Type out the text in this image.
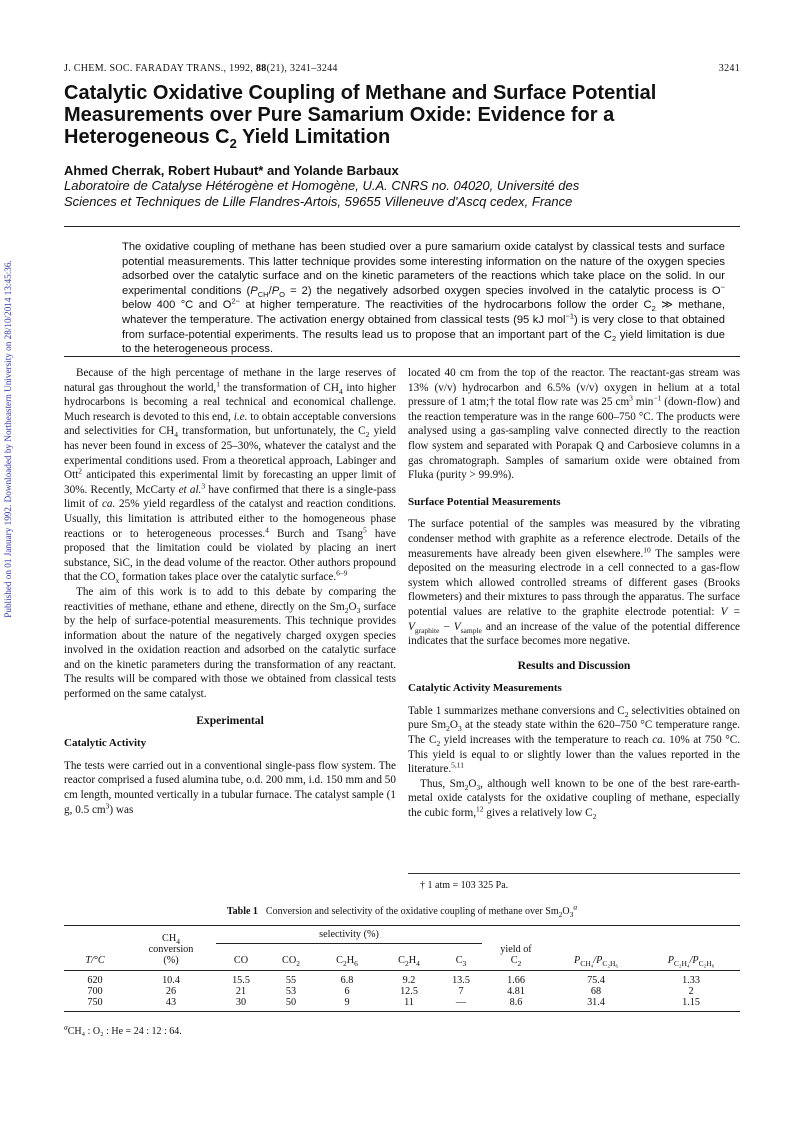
Published on 01 January 1992. Downloaded by Northeastern University on 28/10/2014 13:45:36.
J. CHEM. SOC. FARADAY TRANS., 1992, 88(21), 3241–3244	3241
Catalytic Oxidative Coupling of Methane and Surface Potential
Measurements over Pure Samarium Oxide: Evidence for a
Heterogeneous $C_2$ Yield Limitation
Ahmed Cherrak, Robert Hubaut* and Yolande Barbaux
Laboratoire de Catalyse Hétérogène et Homogène, U.A. CNRS no. 04020, Université des
Sciences et Techniques de Lille Flandres-Artois, 59655 Villeneuve d'Ascq cedex, France
The oxidative coupling of methane has been studied over a pure samarium oxide catalyst by classical tests and surface potential measurements. This latter technique provides some interesting information on the nature of the oxygen species adsorbed over the catalytic surface and on the kinetic parameters of the reactions which take place on the solid. In our experimental conditions $(P_{CH}/P_O = 2)$ the negatively adsorbed oxygen species involved in the catalytic process is O− below 400 °C and $O^{2-}$ at higher temperature. The reactivities of the hydrocarbons follow the order $C_2$ ≫ methane, whatever the temperature. The activation energy obtained from classical tests (95 kJ mol$^{-1}$) is very close to that obtained from surface-potential experiments. The results lead us to propose that an important part of the $C_2$ yield limitation is due to the heterogeneous process.

Because of the high percentage of methane in the large reserves of natural gas throughout the world,$^1$ the transformation of $CH_4$ into higher hydrocarbons is becoming a real technical and economical challenge. Much research is devoted to this end, i.e. to obtain acceptable conversions and selectivities for $CH_4$ transformation, but unfortunately, the $C_2$ yield has never been found in excess of 25–30%, whatever the catalyst and the experimental conditions used. From a theoretical approach, Labinger and Ott$^2$ anticipated this experimental limit by forecasting an upper limit of 30%. Recently, McCarty et al.$^3$ have confirmed that there is a single-pass limit of ca. 25% yield regardless of the catalyst and reaction conditions. Usually, this limitation is attributed either to the homogeneous phase reactions or to heterogeneous processes.$^4$ Burch and Tsang$^5$ have proposed that the limitation could be violated by placing an inert substance, SiC, in the dead volume of the reactor. Other authors propound that the $CO_x$ formation takes place over the catalytic surface.$^{6-9}$

The aim of this work is to add to this debate by comparing the reactivities of methane, ethane and ethene, directly on the $Sm_2O_3$ surface by the help of surface-potential measurements. This technique provides information about the nature of the negatively charged oxygen species involved in the oxidation reaction and adsorbed on the catalytic surface and on the kinetic parameters during the transformation of any reactant. The results will be compared with those we obtained from classical tests performed on the same catalyst.

Experimental
Catalytic Activity

The tests were carried out in a conventional single-pass flow system. The reactor comprised a fused alumina tube, o.d. 200 mm, i.d. 150 mm and 50 cm length, mounted vertically in a tubular furnace. The catalyst sample (1 g, 0.5 $cm^3$) was

located 40 cm from the top of the reactor. The reactant-gas stream was 13% (v/v) hydrocarbon and 6.5% (v/v) oxygen in helium at a total pressure of 1 atm;† the total flow rate was 25 $cm^3$ $\min^{-1}$ (down-flow) and the reaction temperature was in the range 600–750 °C. The products were analysed using a gas-sampling valve connected directly to the reaction flow system and separated with Porapak Q and Carbosieve columns in a gas chromatograph. Samples of samarium oxide were obtained from Fluka (purity > 99.9%).

Surface Potential Measurements

The surface potential of the samples was measured by the vibrating condenser method with graphite as a reference electrode. Details of the measurements have already been given elsewhere.$^{10}$ The samples were deposited on the measuring electrode in a cell connected to a gas-flow system which allowed controlled streams of different gases (Brooks flowmeters) and their mixtures to pass through the apparatus. The surface potential values are relative to the graphite electrode potential: $V = V_{graphite} - V_{sample}$ and an increase of the value of the potential difference indicates that the surface becomes more negative.

Results and Discussion
Catalytic Activity Measurements

Table 1 summarizes methane conversions and $C_2$ selectivities obtained on pure $Sm_2O_3$ at the steady state within the 620–750 °C temperature range. The $C_2$ yield increases with the temperature to reach ca. 10% at 750 °C. This yield is equal to or slightly lower than the values reported in the literature.$^{5,11}$

Thus, $Sm_2O_3$, although well known to be one of the best rare-earth-metal oxide catalysts for the oxidative coupling of methane, especially the cubic form,$^{12}$ gives a relatively low $C_2$

† 1 atm = 103 325 Pa.
Table 1 Conversion and selectivity of the oxidative coupling of methane over $Sm_2O_3^a$
	$CH_4$	selectivity (%)							
	conversion						yield of		
T/°C	(%)	CO	$CO_2$	$C_2H_6$	$C_2H_4$	$C_3$	$C_2$	$P_{CH_4}/P_{C_2H_6}$	$P_{C_2H_4}/P_{C_2H_6}$
620	10.4	15.5	55	6.8	9.2	13.5	1.66	75.4	1.33
700	26	21	53	6	12.5	7	4.81	68	2
750	43	30	50	9	11	—	8.6	31.4	1.15
$^a$CH₄ : O₂ : He = 24 : 12 : 64.
